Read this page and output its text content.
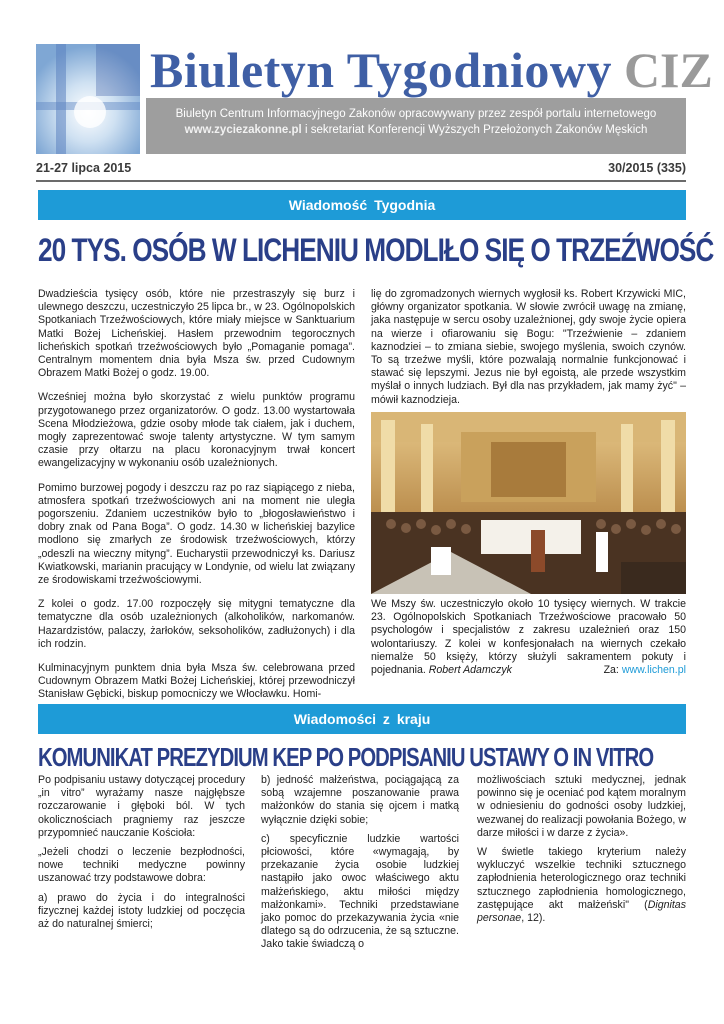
Biuletyn Tygodniowy CIZ
Biuletyn Centrum Informacyjnego Zakonów opracowywany przez zespół portalu internetowego
www.zyciezakonne.pl i sekretariat Konferencji Wyższych Przełożonych Zakonów Męskich
21-27 lipca 2015	30/2015 (335)
Wiadomość Tygodnia
20 TYS. OSÓB W LICHENIU MODLIŁO SIĘ O TRZEŹWOŚĆ

Dwadzieścia tysięcy osób, które nie przestraszyły się burz i ulewnego deszczu, uczestniczyło 25 lipca br., w 23. Ogólnopolskich Spotkaniach Trzeźwościowych, które miały miejsce w Sanktuarium Matki Bożej Licheńskiej. Hasłem przewodnim tegorocznych licheńskich spotkań trzeźwościowych było „Pomaganie pomaga”. Centralnym momentem dnia była Msza św. przed Cudownym Obrazem Matki Bożej o godz. 19.00.

Wcześniej można było skorzystać z wielu punktów programu przygotowanego przez organizatorów. O godz. 13.00 wystartowała Scena Młodzieżowa, gdzie osoby młode tak ciałem, jak i duchem, mogły zaprezentować swoje talenty artystyczne. W tym samym czasie przy ołtarzu na placu koronacyjnym trwał koncert ewangelizacyjny w wykonaniu osób uzależnionych.

Pomimo burzowej pogody i deszczu raz po raz siąpiącego z nieba, atmosfera spotkań trzeźwościowych ani na moment nie uległa pogorszeniu. Zdaniem uczestników było to „błogosławieństwo i dobry znak od Pana Boga”. O godz. 14.30 w licheńskiej bazylice modlono się zmarłych ze środowisk trzeźwościowych, którzy „odeszli na wieczny mityng”. Eucharystii przewodniczył ks. Dariusz Kwiatkowski, marianin pracujący w Londynie, od wielu lat związany ze środowiskami trzeźwościowymi.

Z kolei o godz. 17.00 rozpoczęły się mitygni tematyczne dla tematyczne dla osób uzależnionych (alkoholików, narkomanów. Hazardzistów, palaczy, żarłoków, seksoholików, zadłużonych) i dla ich rodzin.

Kulminacyjnym punktem dnia była Msza św. celebrowana przed Cudownym Obrazem Matki Bożej Licheńskiej, której przewodniczył Stanisław Gębicki, biskup pomocniczy we Włocławku. Homi-

lię do zgromadzonych wiernych wygłosił ks. Robert Krzywicki MIC, główny organizator spotkania. W słowie zwrócił uwagę na zmianę, jaka następuje w sercu osoby uzależnionej, gdy swoje życie opiera na wierze i ofiarowaniu się Bogu: "Trzeźwienie – zdaniem kaznodziei – to zmiana siebie, swojego myślenia, swoich czynów. To są trzeźwe myśli, które pozwalają normalnie funkcjonować i stawać się lepszymi. Jezus nie był egoistą, ale przede wszystkim myślał o innych ludziach. Był dla nas przykładem, jak mamy żyć" – mówił kaznodzieja.

We Mszy św. uczestniczyło około 10 tysięcy wiernych. W trakcie 23. Ogólnopolskich Spotkaniach Trzeźwościowe pracowało 50 psychologów i specjalistów z zakresu uzależnień oraz 150 wolontariuszy. Z kolei w konfesjonałach na wiernych czekało niemalże 50 księży, którzy służyli sakramentem pokuty i pojednania. Robert Adamczyk	Za: www.lichen.pl
Wiadomości z kraju
KOMUNIKAT PREZYDIUM KEP PO PODPISANIU USTAWY O IN VITRO

Po podpisaniu ustawy dotyczącej procedury „in vitro” wyrażamy nasze najgłębsze rozczarowanie i głęboki ból. W tych okolicznościach pragniemy raz jeszcze przypomnieć nauczanie Kościoła:

„Jeżeli chodzi o leczenie bezpłodności, nowe techniki medyczne powinny uszanować trzy podstawowe dobra:

a) prawo do życia i do integralności fizycznej każdej istoty ludzkiej od poczęcia aż do naturalnej śmierci;

b) jedność małżeństwa, pociągającą za sobą wzajemne poszanowanie prawa małżonków do stania się ojcem i matką wyłącznie dzięki sobie;

c) specyficznie ludzkie wartości płciowości, które «wymagają, by przekazanie życia osobie ludzkiej nastąpiło jako owoc właściwego aktu małżeńskiego, aktu miłości między małżonkami». Techniki przedstawiane jako pomoc do przekazywania życia «nie dlatego są do odrzucenia, że są sztuczne. Jako takie świadczą o

możliwościach sztuki medycznej, jednak powinno się je oceniać pod kątem moralnym w odniesieniu do godności osoby ludzkiej, wezwanej do realizacji powołania Bożego, w darze miłości i w darze z życia».

W świetle takiego kryterium należy wykluczyć wszelkie techniki sztucznego zapłodnienia heterologicznego oraz techniki sztucznego zapłodnienia homologicznego, zastępujące akt małżeński" (Dignitas personae, 12).
